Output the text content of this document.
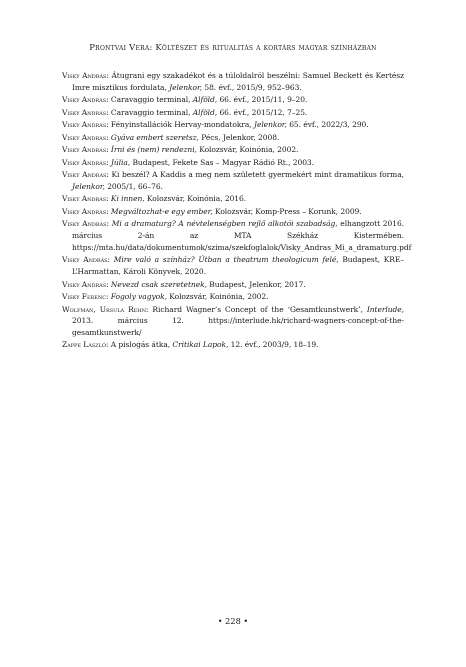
Prontvai Vera: Költészet és ritualitás a kortárs magyar színházban

Visky András: Átugrani egy szakadékot és a túloldalról beszélni: Samuel Beckett és Kertész Imre misztikus fordulata, Jelenkor, 58. évf., 2015/9, 952–963.

Visky András: Caravaggio terminal, Alföld, 66. évf., 2015/11, 9–20.

Visky András: Caravaggio terminal, Alföld, 66. évf., 2015/12, 7–25.

Visky András: Fényinstallációk Hervay-mondatokra, Jelenkor, 65. évf., 2022/3, 290.

Visky András: Gyáva embert szeretsz, Pécs, Jelenkor, 2008.

Visky András: Írni és (nem) rendezni, Kolozsvár, Koinónia, 2002.

Visky András: Júlia, Budapest, Fekete Sas – Magyar Rádió Rt., 2003.

Visky András: Ki beszél? A Kaddis a meg nem született gyermekért mint dramatikus forma, Jelenkor, 2005/1, 66–76.

Visky András: Ki innen, Kolozsvár, Koinónia, 2016.

Visky András: Megváltozhat-e egy ember, Kolozsvár, Komp-Press – Korunk, 2009.

Visky András: Mi a dramaturg? A névtelenségben rejlő alkotói szabadság, elhangzott 2016. március 2-án az MTA Székház Kistermében. https://mta.hu/data/dokumentumok/szima/szekfoglalok/Visky_Andras_Mi_a_dramaturg.pdf

Visky András: Mire való a színház? Útban a theatrum theologicum felé, Budapest, KRE–L’Harmattan, Károli Könyvek, 2020.

Visky András: Nevezd csak szeretetnek, Budapest, Jelenkor, 2017.

Visky Ferenc: Fogoly vagyok, Kolozsvár, Koinónia, 2002.

Wolfman, Ursula Rehn: Richard Wagner’s Concept of the ‘Gesamtkunstwerk’, Interlude, 2013. március 12. https://interlude.hk/richard-wagners-concept-of-the-gesamtkunstwerk/

Zappe László: A pislogás átka, Critikai Lapok, 12. évf., 2003/9, 18–19.

• 228 •
